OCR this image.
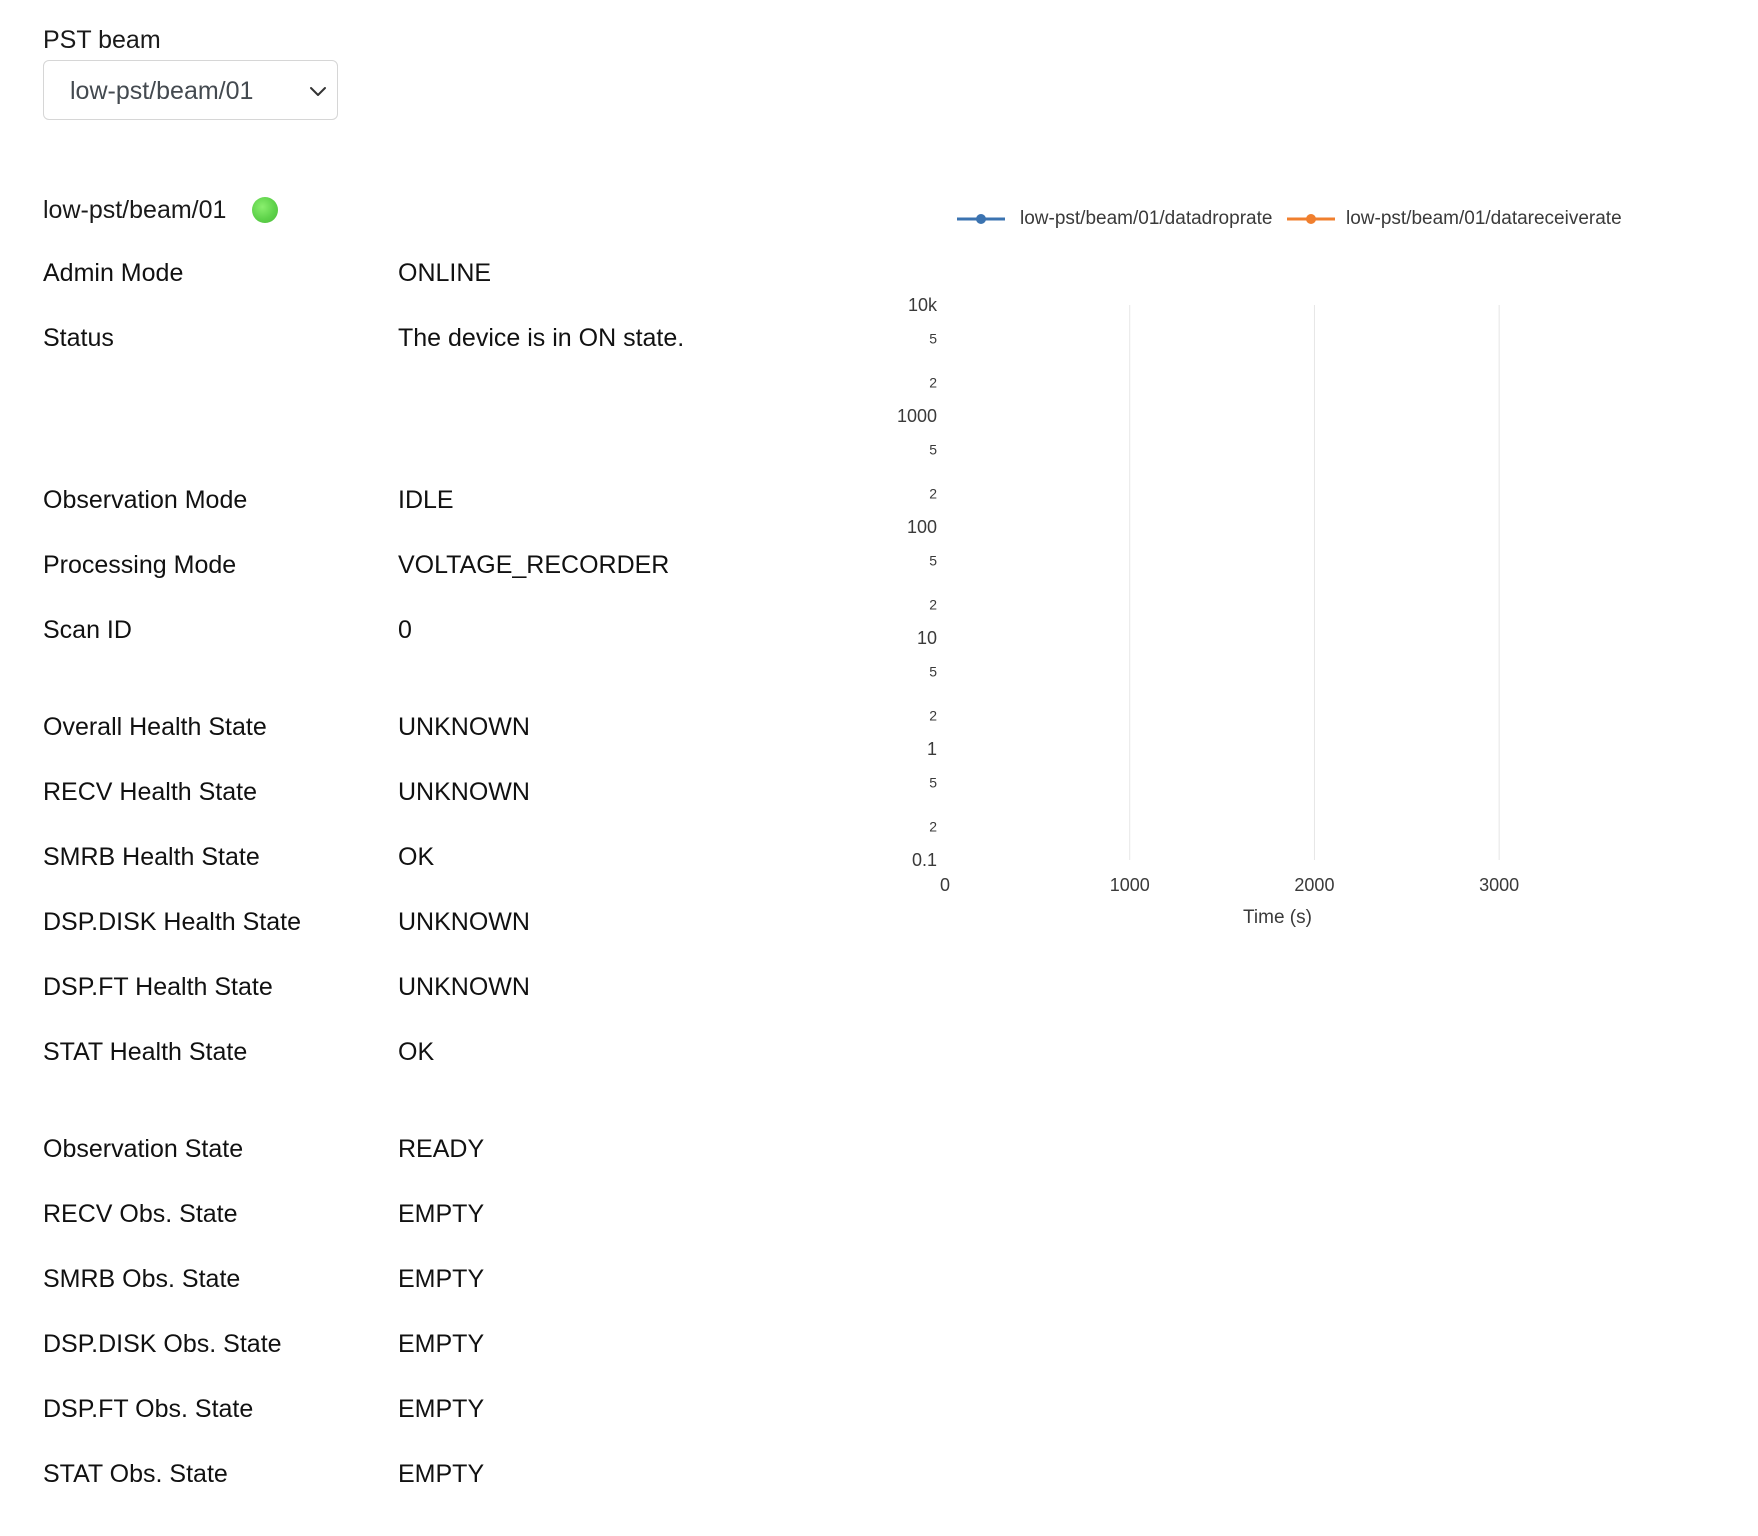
PST beam
low-pst/beam/01
low-pst/beam/01
Admin Mode	ONLINE
Status	The device is in ON state.
Observation Mode	IDLE
Processing Mode	VOLTAGE_RECORDER
Scan ID	0
Overall Health State	UNKNOWN
RECV Health State	UNKNOWN
SMRB Health State	OK
DSP.DISK Health State	UNKNOWN
DSP.FT Health State	UNKNOWN
STAT Health State	OK
Observation State	READY
RECV Obs. State	EMPTY
SMRB Obs. State	EMPTY
DSP.DISK Obs. State	EMPTY
DSP.FT Obs. State	EMPTY
STAT Obs. State	EMPTY
low-pst/beam/01/datadroprate	low-pst/beam/01/datareceiverate
0	1000	2000	3000
0.1
1
10
100
1000
10k
2
5
2
5
2
5
2
5
2
5
Time (s)
